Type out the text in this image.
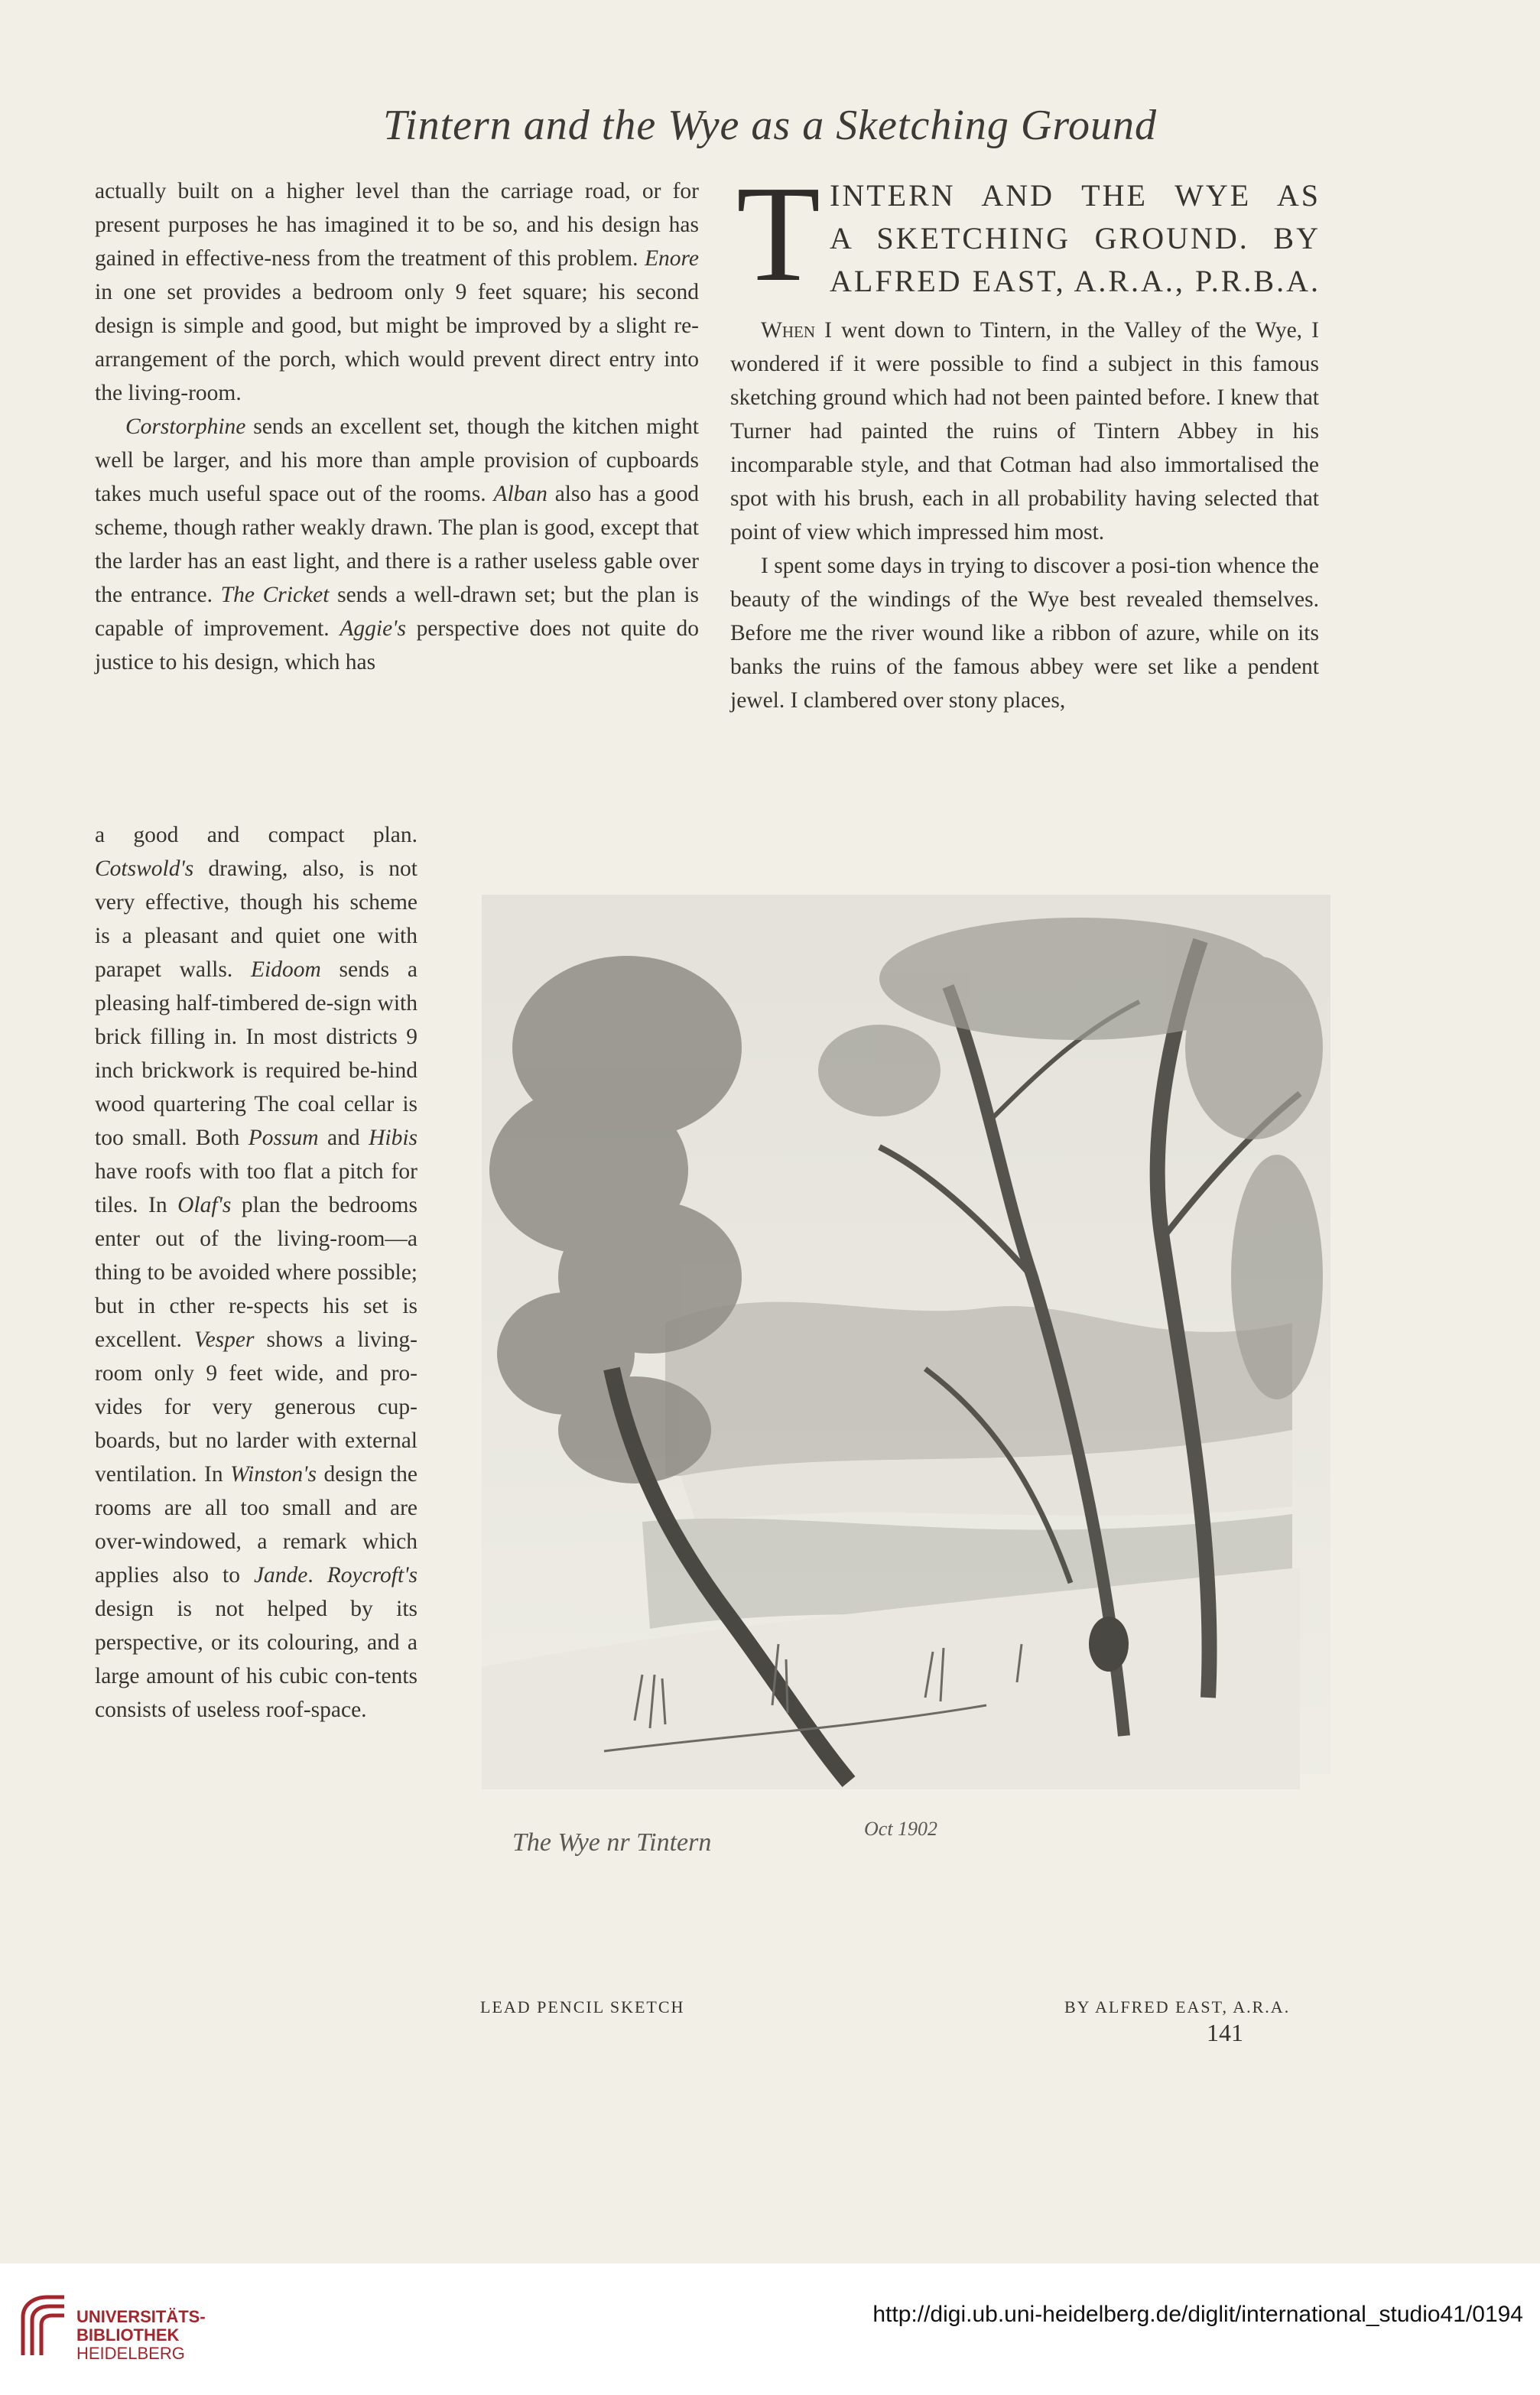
Tintern and the Wye as a Sketching Ground

actually built on a higher level than the carriage road, or for present purposes he has imagined it to be so, and his design has gained in effective-ness from the treatment of this problem. Enore in one set provides a bedroom only 9 feet square; his second design is simple and good, but might be improved by a slight re-arrangement of the porch, which would prevent direct entry into the living-room.

Corstorphine sends an excellent set, though the kitchen might well be larger, and his more than ample provision of cupboards takes much useful space out of the rooms. Alban also has a good scheme, though rather weakly drawn. The plan is good, except that the larder has an east light, and there is a rather useless gable over the entrance. The Cricket sends a well-drawn set; but the plan is capable of improvement. Aggie's perspective does not quite do justice to his design, which has

a good and compact plan. Cotswold's drawing, also, is not very effective, though his scheme is a pleasant and quiet one with parapet walls. Eidoom sends a pleasing half-timbered de-sign with brick filling in. In most districts 9 inch brickwork is required be-hind wood quartering The coal cellar is too small. Both Possum and Hibis have roofs with too flat a pitch for tiles. In Olaf's plan the bedrooms enter out of the living-room—a thing to be avoided where possible; but in cther re-spects his set is excellent. Vesper shows a living-room only 9 feet wide, and pro-vides for very generous cup-boards, but no larder with external ventilation. In Winston's design the rooms are all too small and are over-windowed, a remark which applies also to Jande. Roycroft's design is not helped by its perspective, or its colouring, and a large amount of his cubic con-tents consists of useless roof-space.

T INTERN AND THE WYE AS
A SKETCHING GROUND. BY
ALFRED EAST, A.R.A., P.R.B.A.

When I went down to Tintern, in the Valley of the Wye, I wondered if it were possible to find a subject in this famous sketching ground which had not been painted before. I knew that Turner had painted the ruins of Tintern Abbey in his incomparable style, and that Cotman had also immortalised the spot with his brush, each in all probability having selected that point of view which impressed him most.

I spent some days in trying to discover a posi-tion whence the beauty of the windings of the Wye best revealed themselves. Before me the river wound like a ribbon of azure, while on its banks the ruins of the famous abbey were set like a pendent jewel. I clambered over stony places,

The Wye nr Tintern	Oct 1902
LEAD PENCIL SKETCH	BY ALFRED EAST, A.R.A.
141
UNIVERSITÄTS-
BIBLIOTHEK
HEIDELBERG
http://digi.ub.uni-heidelberg.de/diglit/international_studio41/0194
